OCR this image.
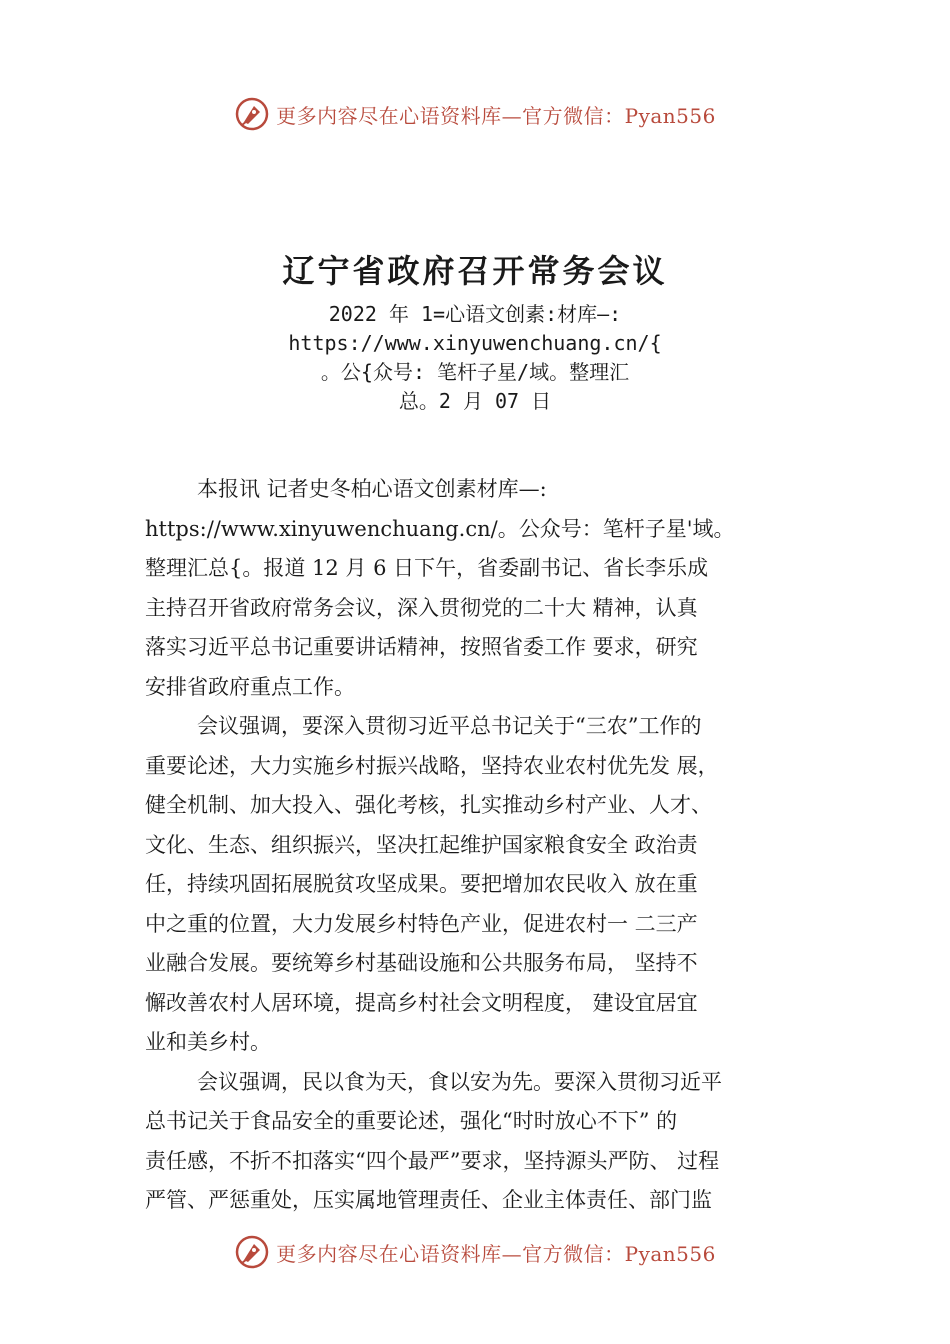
更多内容尽在心语资料库—官方微信：Pyan556
辽宁省政府召开常务会议
2022 年 1=心语文创素:材库—:
https://www.xinyuwenchuang.cn/{
。公{众号: 笔杆子星/域。整理汇
总。2 月 07 日
本报讯 记者史冬柏心语文创素材库—:
https://www.xinyuwenchuang.cn/。公众号：笔杆子星'域。
整理汇总{。报道 12 月 6 日下午，省委副书记、省长李乐成
主持召开省政府常务会议，深入贯彻党的二十大 精神，认真
落实习近平总书记重要讲话精神，按照省委工作 要求，研究
安排省政府重点工作。
会议强调，要深入贯彻习近平总书记关于“三农”工作的
重要论述，大力实施乡村振兴战略，坚持农业农村优先发 展，
健全机制、加大投入、强化考核，扎实推动乡村产业、人才、
文化、生态、组织振兴，坚决扛起维护国家粮食安全 政治责
任，持续巩固拓展脱贫攻坚成果。要把增加农民收入 放在重
中之重的位置，大力发展乡村特色产业，促进农村一 二三产
业融合发展。要统筹乡村基础设施和公共服务布局， 坚持不
懈改善农村人居环境，提高乡村社会文明程度， 建设宜居宜
业和美乡村。
会议强调，民以食为天，食以安为先。要深入贯彻习近平
总书记关于食品安全的重要论述，强化“时时放心不下” 的
责任感，不折不扣落实“四个最严”要求，坚持源头严防、 过程
严管、严惩重处，压实属地管理责任、企业主体责任、部门监
更多内容尽在心语资料库—官方微信：Pyan556
